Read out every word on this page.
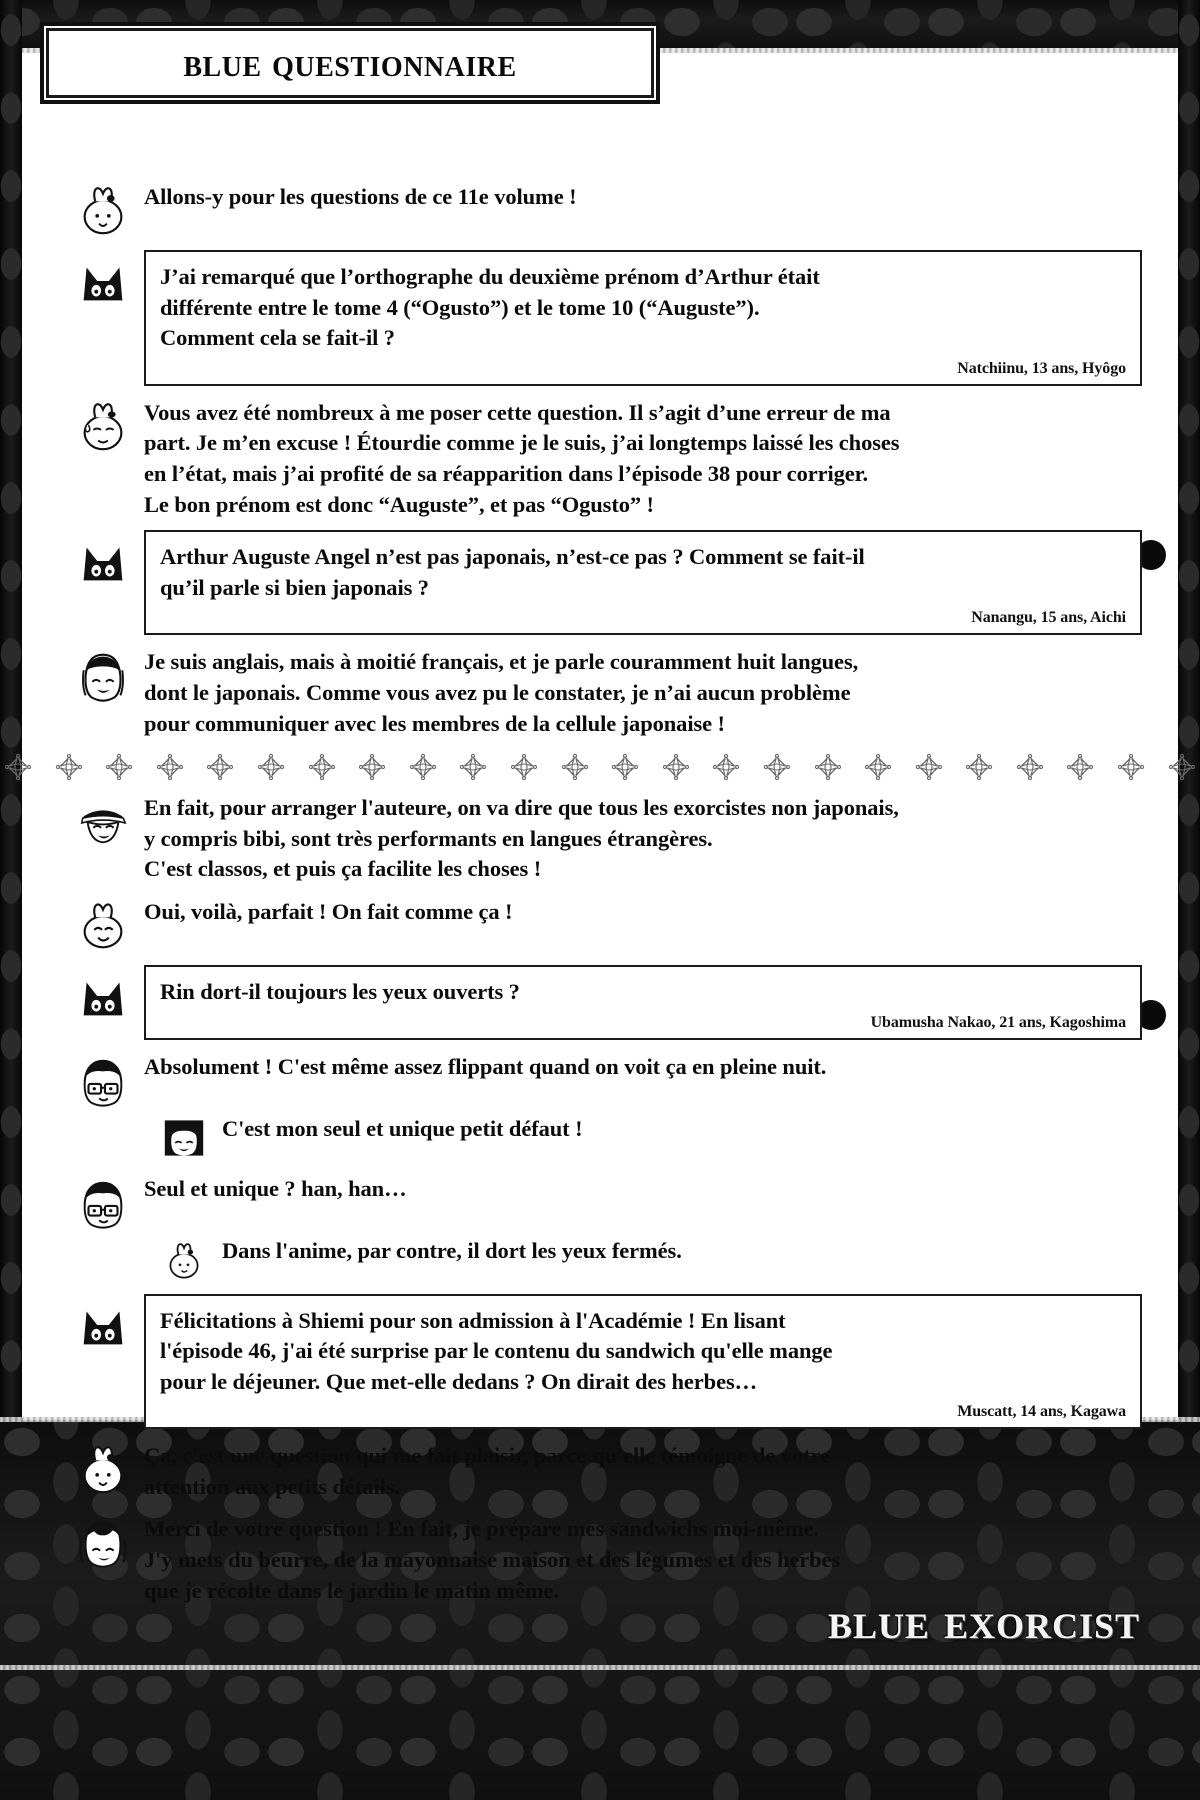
blue questionnaire

Allons-y pour les questions de ce 11e volume !

J’ai remarqué que l’orthographe du deuxième prénom d’Arthur était

différente entre le tome 4 (“Ogusto”) et le tome 10 (“Auguste”).

Comment cela se fait-il ?

Natchiinu, 13 ans, Hyôgo

Vous avez été nombreux à me poser cette question. Il s’agit d’une erreur de ma

part. Je m’en excuse ! Étourdie comme je le suis, j’ai longtemps laissé les choses

en l’état, mais j’ai profité de sa réapparition dans l’épisode 38 pour corriger.

Le bon prénom est donc “Auguste”, et pas “Ogusto” !

Arthur Auguste Angel n’est pas japonais, n’est-ce pas ? Comment se fait-il

qu’il parle si bien japonais ?

Nanangu, 15 ans, Aichi

Je suis anglais, mais à moitié français, et je parle couramment huit langues,

dont le japonais. Comme vous avez pu le constater, je n’ai aucun problème

pour communiquer avec les membres de la cellule japonaise !

En fait, pour arranger l'auteure, on va dire que tous les exorcistes non japonais,

y compris bibi, sont très performants en langues étrangères.

C'est classos, et puis ça facilite les choses !

Oui, voilà, parfait ! On fait comme ça !

Rin dort-il toujours les yeux ouverts ?

Ubamusha Nakao, 21 ans, Kagoshima

Absolument ! C'est même assez flippant quand on voit ça en pleine nuit.

C'est mon seul et unique petit défaut !

Seul et unique ? han, han…

Dans l'anime, par contre, il dort les yeux fermés.

Félicitations à Shiemi pour son admission à l'Académie ! En lisant

l'épisode 46, j'ai été surprise par le contenu du sandwich qu'elle mange

pour le déjeuner. Que met-elle dedans ? On dirait des herbes…

Muscatt, 14 ans, Kagawa

Ça, c'est une question qui me fait plaisir, parce qu'elle témoigne de votre

attention aux petits détails.

Merci de votre question ! En fait, je prépare mes sandwichs moi-même.

J'y mets du beurre, de la mayonnaise maison et des légumes et des herbes

que je récolte dans le jardin le matin même.

blue exorcist
